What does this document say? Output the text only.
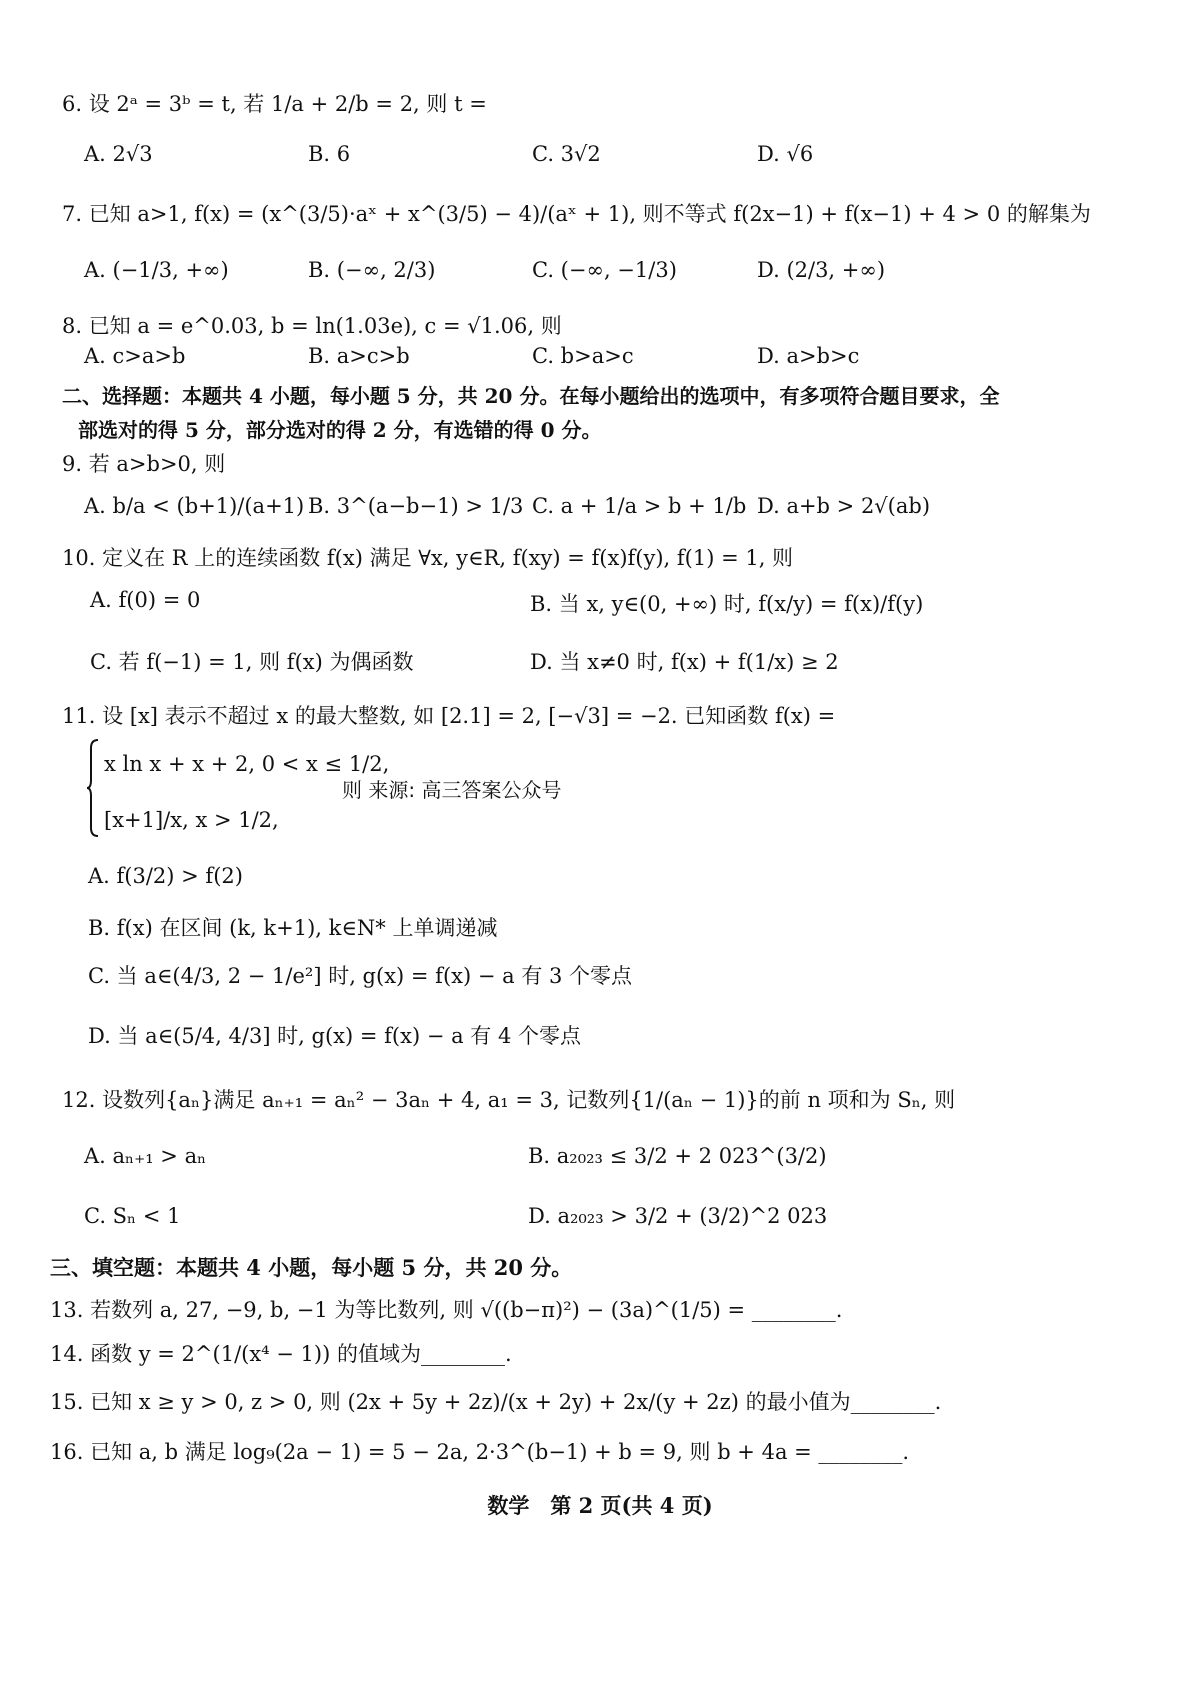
6. 设 2ᵃ = 3ᵇ = t, 若 1/a + 2/b = 2, 则 t =
A. 2√3	B. 6	C. 3√2	D. √6
7. 已知 a>1, f(x) = (x^(3/5)·aˣ + x^(3/5) − 4)/(aˣ + 1), 则不等式 f(2x−1) + f(x−1) + 4 > 0 的解集为
A. (−1/3, +∞)	B. (−∞, 2/3)	C. (−∞, −1/3)	D. (2/3, +∞)
8. 已知 a = e^0.03, b = ln(1.03e), c = √1.06, 则
A. c>a>b	B. a>c>b	C. b>a>c	D. a>b>c
二、选择题：本题共 4 小题，每小题 5 分，共 20 分。在每小题给出的选项中，有多项符合题目要求，全
部选对的得 5 分，部分选对的得 2 分，有选错的得 0 分。
9. 若 a>b>0, 则
A. b/a < (b+1)/(a+1) B. 3^(a−b−1) > 1/3 C. a + 1/a > b + 1/b D. a+b > 2√(ab)
10. 定义在 R 上的连续函数 f(x) 满足 ∀x, y∈R, f(xy) = f(x)f(y), f(1) = 1, 则
A. f(0) = 0	B. 当 x, y∈(0, +∞) 时, f(x/y) = f(x)/f(y)
C. 若 f(−1) = 1, 则 f(x) 为偶函数	D. 当 x≠0 时, f(x) + f(1/x) ≥ 2
11. 设 [x] 表示不超过 x 的最大整数, 如 [2.1] = 2, [−√3] = −2. 已知函数 f(x) =
x ln x + x + 2, 0 < x ≤ 1/2,
则 来源: 高三答案公众号
[x+1]/x, x > 1/2,
A. f(3/2) > f(2)
B. f(x) 在区间 (k, k+1), k∈N* 上单调递减
C. 当 a∈(4/3, 2 − 1/e²] 时, g(x) = f(x) − a 有 3 个零点
D. 当 a∈(5/4, 4/3] 时, g(x) = f(x) − a 有 4 个零点
12. 设数列{aₙ}满足 aₙ₊₁ = aₙ² − 3aₙ + 4, a₁ = 3, 记数列{1/(aₙ − 1)}的前 n 项和为 Sₙ, 则
A. aₙ₊₁ > aₙ	B. a₂₀₂₃ ≤ 3/2 + 2 023^(3/2)
C. Sₙ < 1	D. a₂₀₂₃ > 3/2 + (3/2)^2 023
三、填空题：本题共 4 小题，每小题 5 分，共 20 分。
13. 若数列 a, 27, −9, b, −1 为等比数列, 则 √((b−π)²) − (3a)^(1/5) = ________.
14. 函数 y = 2^(1/(x⁴ − 1)) 的值域为________.
15. 已知 x ≥ y > 0, z > 0, 则 (2x + 5y + 2z)/(x + 2y) + 2x/(y + 2z) 的最小值为________.
16. 已知 a, b 满足 log₉(2a − 1) = 5 − 2a, 2·3^(b−1) + b = 9, 则 b + 4a = ________.
数学　第 2 页(共 4 页)
